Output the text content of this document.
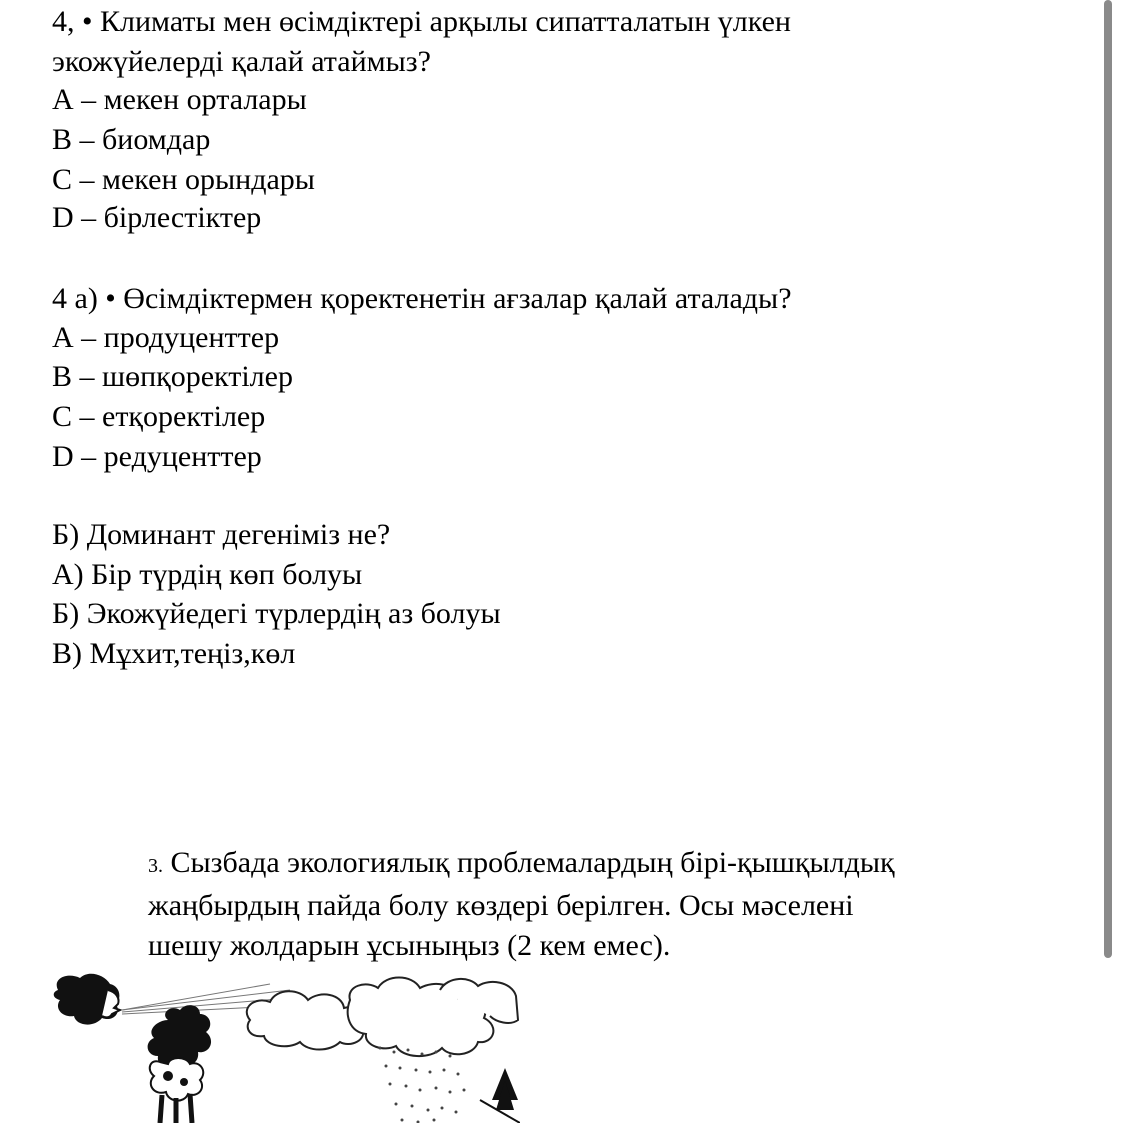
4, • Климаты мен өсімдіктері арқылы сипатталатын үлкен
экожүйелерді қалай атаймыз?
А – мекен орталары
В – биомдар
С – мекен орындары
D – бірлестіктер
4 а) • Өсімдіктермен қоректенетін ағзалар қалай аталады?
А – продуценттер
В – шөпқоректілер
С – етқоректілер
D – редуценттер
Б) Доминант дегеніміз не?
А) Бір түрдің көп болуы
Б) Экожүйедегі түрлердің аз болуы
В) Мұхит,теңіз,көл
3. Сызбада экологиялық проблемалардың бірі-қышқылдық
жаңбырдың пайда болу көздері берілген. Осы мәселені
шешу жолдарын ұсыныңыз (2 кем емес).
